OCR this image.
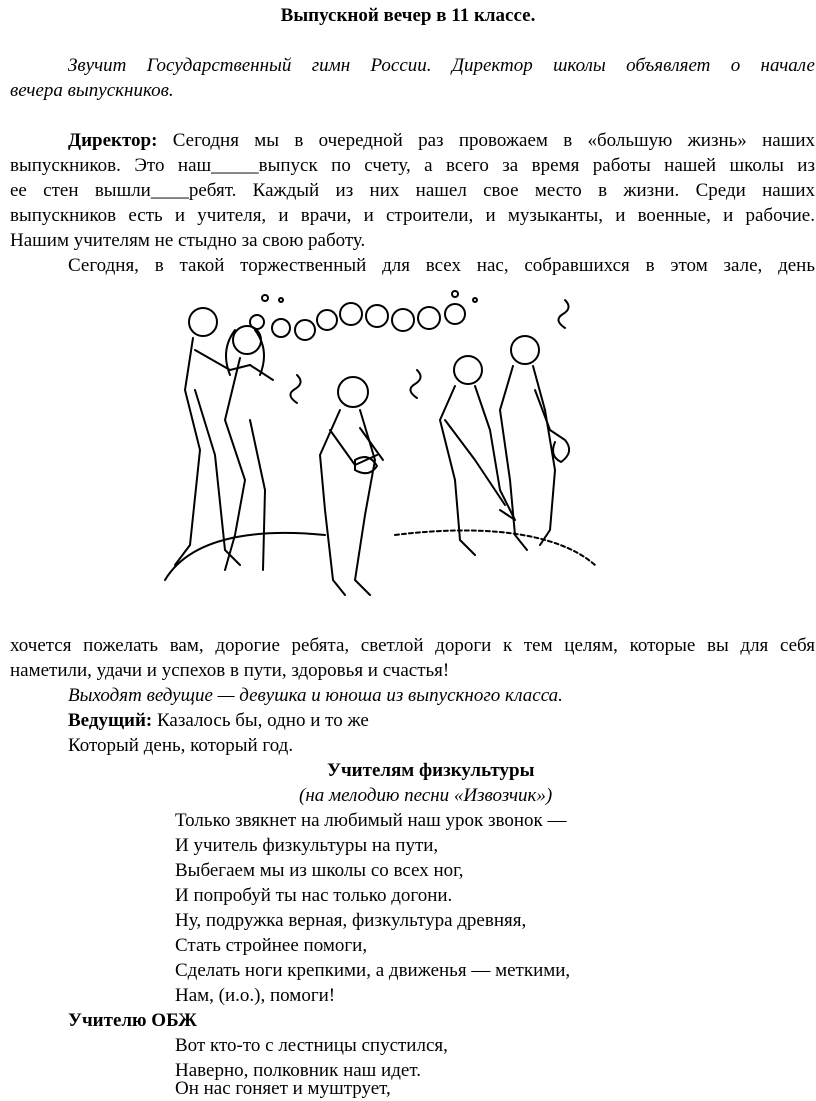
Выпускной вечер в 11 классе.
Звучит Государственный гимн России. Директор школы объявляет о начале
вечера выпускников.
Директор: Сегодня мы в очередной раз провожаем в «большую жизнь» наших
выпускников. Это наш_____выпуск по счету, а всего за время работы нашей школы из
ее стен вышли____ребят. Каждый из них нашел свое место в жизни. Среди наших
выпускников есть и учителя, и врачи, и строители, и музыканты, и военные, и рабочие.
Нашим учителям не стыдно за свою работу.
Сегодня, в такой торжественный для всех нас, собравшихся в этом зале, день
хочется пожелать вам, дорогие ребята, светлой дороги к тем целям, которые вы для себя
наметили, удачи и успехов в пути, здоровья и счастья!
Выходят ведущие — девушка и юноша из выпускного класса.
Ведущий: Казалось бы, одно и то же
Который день, который год.
Учителям физкультуры
(на мелодию песни «Извозчик»)
Только звякнет на любимый наш урок звонок —
И учитель физкультуры на пути,
Выбегаем мы из школы со всех ног,
И попробуй ты нас только догони.
Ну, подружка верная, физкультура древняя,
Стать стройнее помоги,
Сделать ноги крепкими, а движенья — меткими,
Нам, (и.о.), помоги!
Учителю ОБЖ
Вот кто-то с лестницы спустился,
Наверно, полковник наш идет.
Он нас гоняет и муштрует,
